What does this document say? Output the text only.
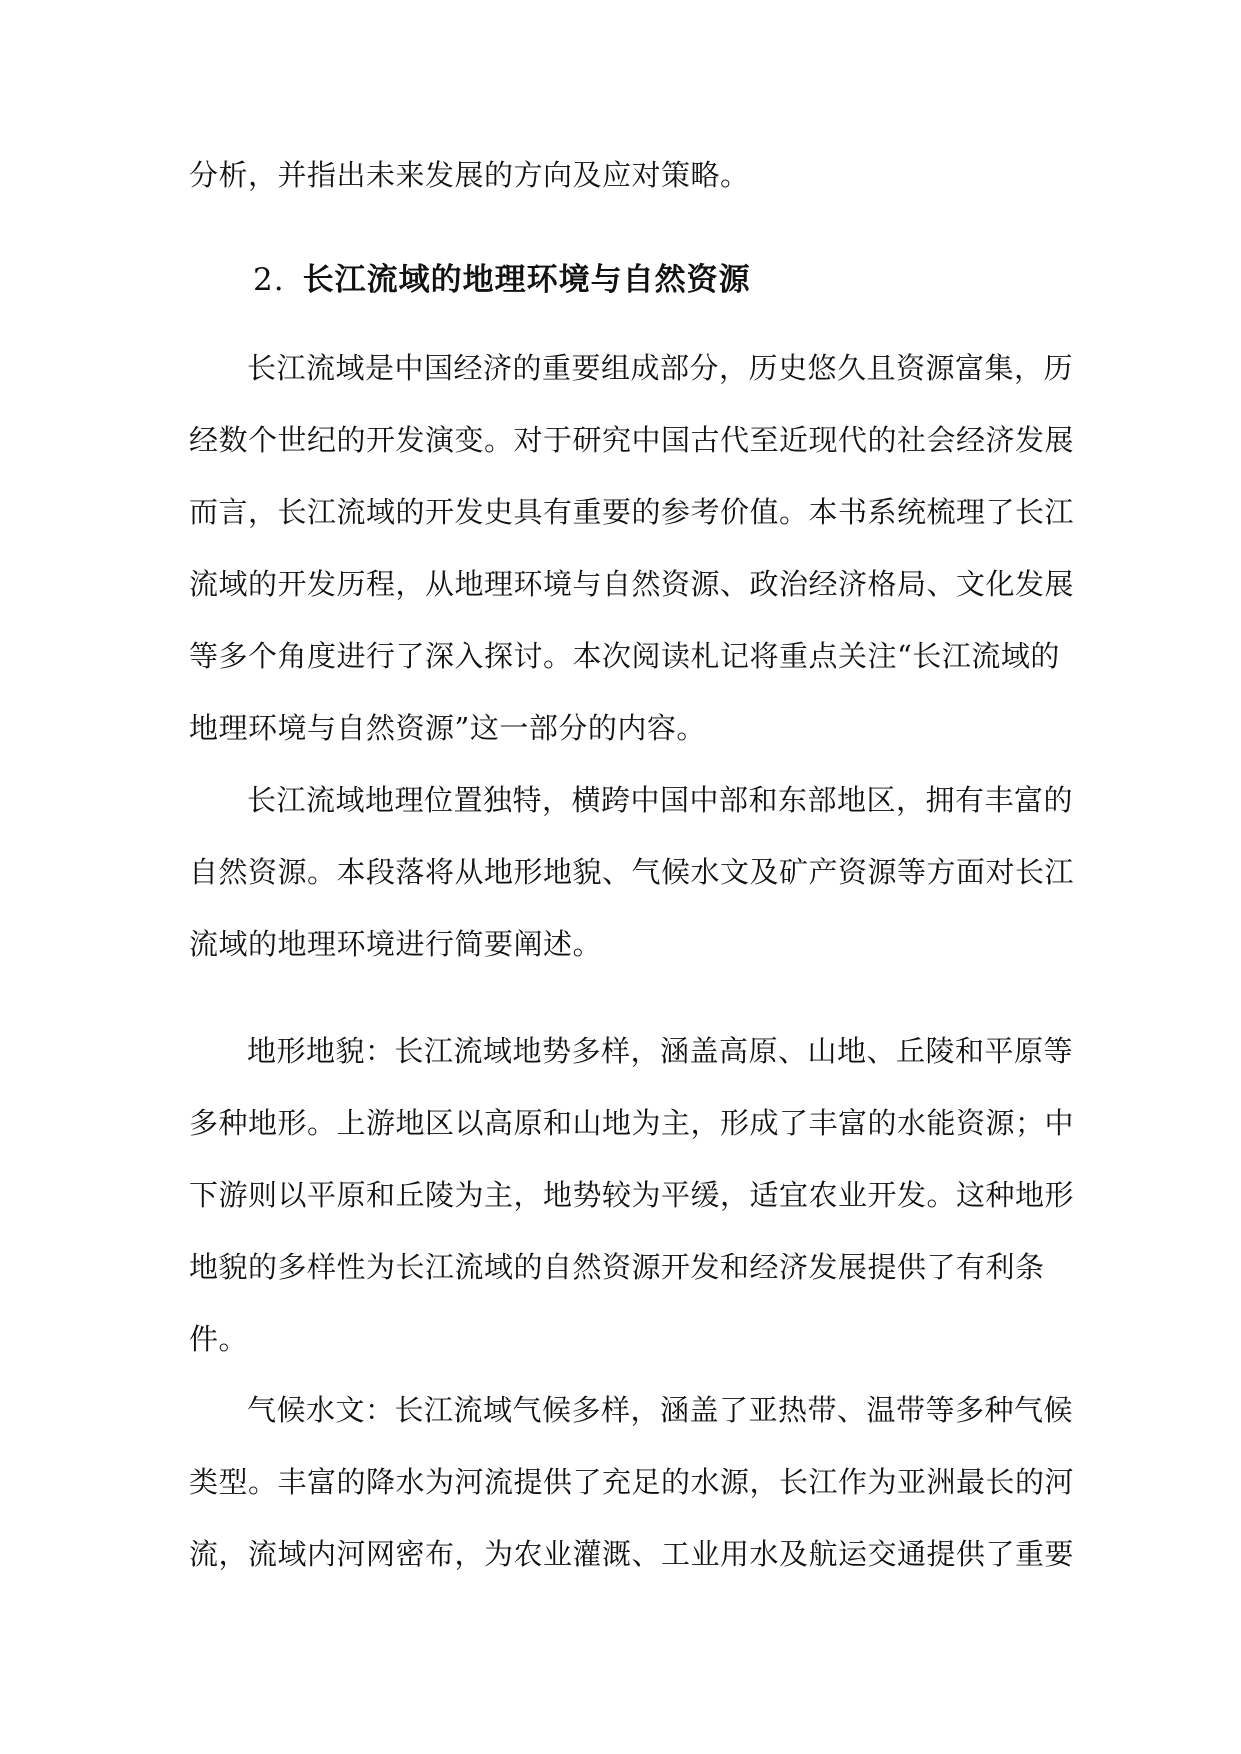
分析，并指出未来发展的方向及应对策略。
2. 长江流域的地理环境与自然资源
长江流域是中国经济的重要组成部分，历史悠久且资源富集，历
经数个世纪的开发演变。对于研究中国古代至近现代的社会经济发展
而言，长江流域的开发史具有重要的参考价值。本书系统梳理了长江
流域的开发历程，从地理环境与自然资源、政治经济格局、文化发展
等多个角度进行了深入探讨。本次阅读札记将重点关注“长江流域的
地理环境与自然资源”这一部分的内容。
长江流域地理位置独特，横跨中国中部和东部地区，拥有丰富的
自然资源。本段落将从地形地貌、气候水文及矿产资源等方面对长江
流域的地理环境进行简要阐述。
地形地貌：长江流域地势多样，涵盖高原、山地、丘陵和平原等
多种地形。上游地区以高原和山地为主，形成了丰富的水能资源；中
下游则以平原和丘陵为主，地势较为平缓，适宜农业开发。这种地形
地貌的多样性为长江流域的自然资源开发和经济发展提供了有利条
件。
气候水文：长江流域气候多样，涵盖了亚热带、温带等多种气候
类型。丰富的降水为河流提供了充足的水源，长江作为亚洲最长的河
流，流域内河网密布，为农业灌溉、工业用水及航运交通提供了重要
